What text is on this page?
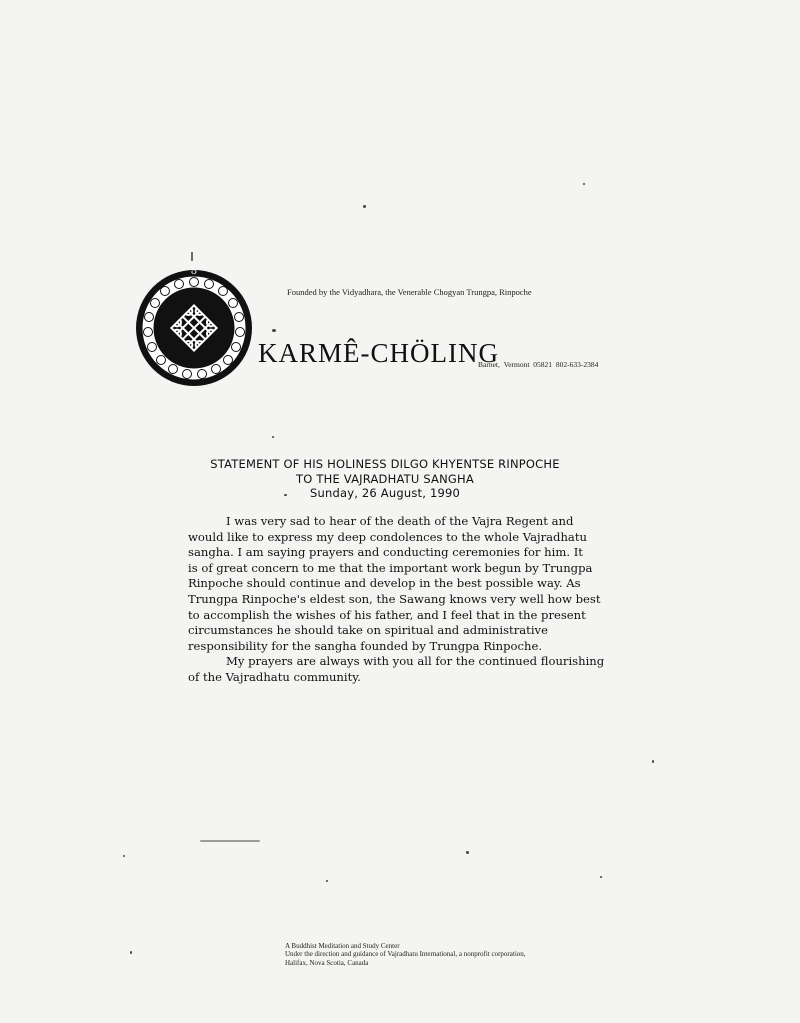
ઠ
Founded by the Vidyadhara, the Venerable Chogyan Trungpa, Rinpoche
KARMÊ-CHÖLING
Barnet, Vermont 05821 802-633-2384
STATEMENT OF HIS HOLINESS DILGO KHYENTSE RINPOCHE
TO THE VAJRADHATU SANGHA
Sunday, 26 August, 1990
I was very sad to hear of the death of the Vajra Regent and
would like to express my deep condolences to the whole Vajradhatu
sangha. I am saying prayers and conducting ceremonies for him. It
is of great concern to me that the important work begun by Trungpa
Rinpoche should continue and develop in the best possible way. As
Trungpa Rinpoche's eldest son, the Sawang knows very well how best
to accomplish the wishes of his father, and I feel that in the present
circumstances he should take on spiritual and administrative
responsibility for the sangha founded by Trungpa Rinpoche.
My prayers are always with you all for the continued flourishing
of the Vajradhatu community.
A Buddhist Meditation and Study Center
Under the direction and guidance of Vajradhatu International, a nonprofit corporation,
Halifax, Nova Scotia, Canada
